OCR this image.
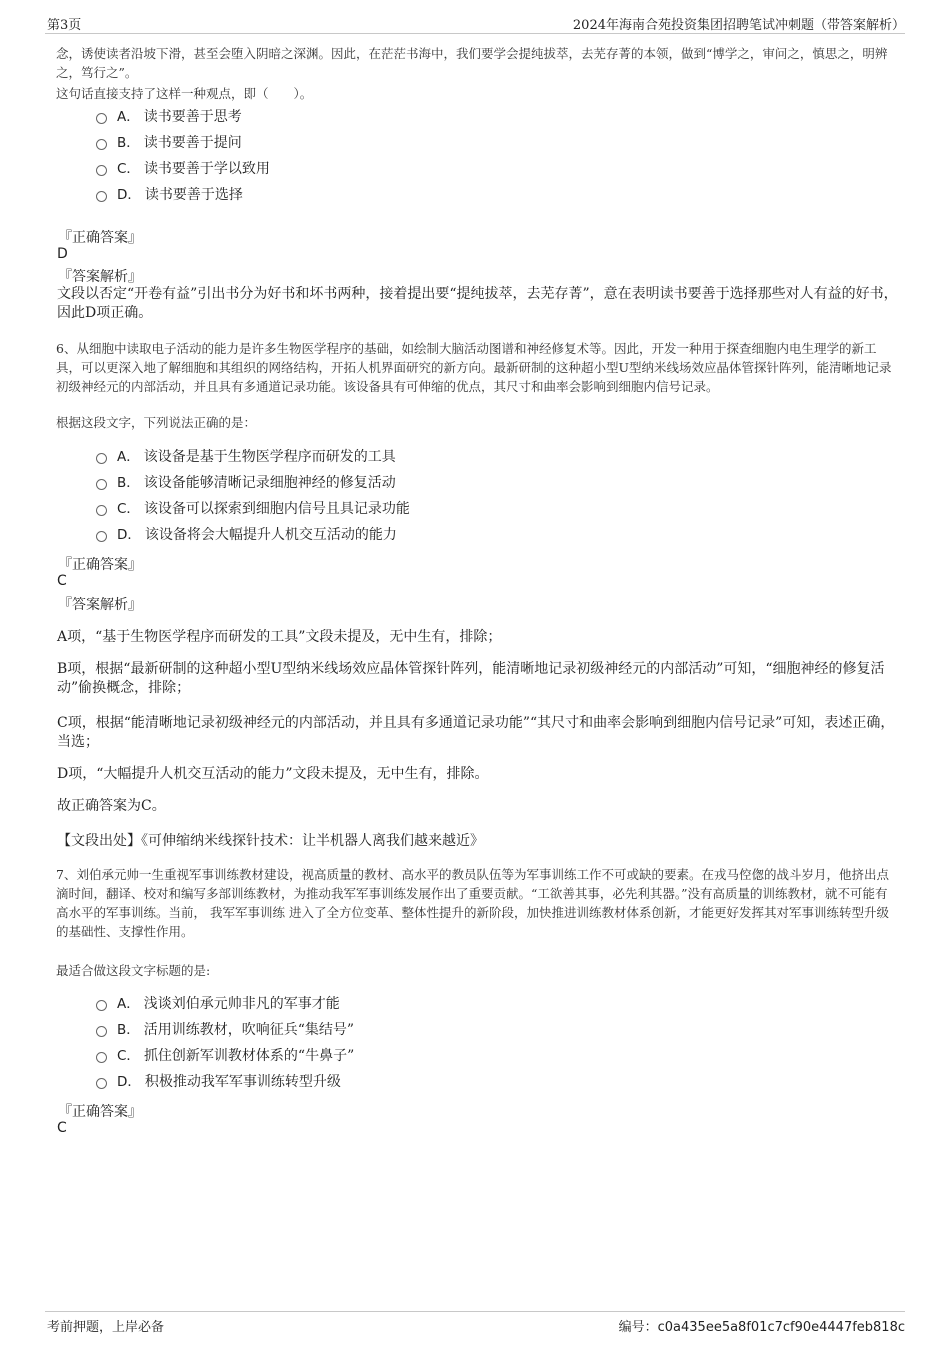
第3页	2024年海南合苑投资集团招聘笔试冲刺题（带答案解析）
念，诱使读者沿坡下滑，甚至会堕入阴暗之深渊。因此，在茫茫书海中，我们要学会提纯拔萃，去芜存菁的本领，做到“博学之，审问之，慎思之，明辨之，笃行之”。
这句话直接支持了这样一种观点，即（　　）。
A． 读书要善于思考
B． 读书要善于提问
C． 读书要善于学以致用
D． 读书要善于选择
『正确答案』
D
『答案解析』
文段以否定“开卷有益”引出书分为好书和坏书两种，接着提出要“提纯拔萃，去芜存菁”，意在表明读书要善于选择那些对人有益的好书，因此D项正确。
6、从细胞中读取电子活动的能力是许多生物医学程序的基础，如绘制大脑活动图谱和神经修复术等。因此，开发一种用于探查细胞内电生理学的新工具，可以更深入地了解细胞和其组织的网络结构，开拓人机界面研究的新方向。最新研制的这种超小型U型纳米线场效应晶体管探针阵列，能清晰地记录初级神经元的内部活动，并且具有多通道记录功能。该设备具有可伸缩的优点，其尺寸和曲率会影响到细胞内信号记录。
根据这段文字，下列说法正确的是：
A． 该设备是基于生物医学程序而研发的工具
B． 该设备能够清晰记录细胞神经的修复活动
C． 该设备可以探索到细胞内信号且具记录功能
D． 该设备将会大幅提升人机交互活动的能力
『正确答案』
C
『答案解析』
A项，“基于生物医学程序而研发的工具”文段未提及，无中生有，排除；
B项，根据“最新研制的这种超小型U型纳米线场效应晶体管探针阵列，能清晰地记录初级神经元的内部活动”可知，“细胞神经的修复活动”偷换概念，排除；
C项，根据“能清晰地记录初级神经元的内部活动，并且具有多通道记录功能”“其尺寸和曲率会影响到细胞内信号记录”可知，表述正确，当选；
D项，“大幅提升人机交互活动的能力”文段未提及，无中生有，排除。
故正确答案为C。
【文段出处】《可伸缩纳米线探针技术：让半机器人离我们越来越近》
7、刘伯承元帅一生重视军事训练教材建设，视高质量的教材、高水平的教员队伍等为军事训练工作不可或缺的要素。在戎马倥偬的战斗岁月，他挤出点滴时间，翻译、校对和编写多部训练教材，为推动我军军事训练发展作出了重要贡献。“工欲善其事，必先利其器。”没有高质量的训练教材，就不可能有高水平的军事训练。当前， 我军军事训练 进入了全方位变革、整体性提升的新阶段，加快推进训练教材体系创新，才能更好发挥其对军事训练转型升级的基础性、支撑性作用。
最适合做这段文字标题的是:
A． 浅谈刘伯承元帅非凡的军事才能
B． 活用训练教材，吹响征兵“集结号”
C． 抓住创新军训教材体系的“牛鼻子”
D． 积极推动我军军事训练转型升级
『正确答案』
C
考前押题，上岸必备	编号：c0a435ee5a8f01c7cf90e4447feb818c
